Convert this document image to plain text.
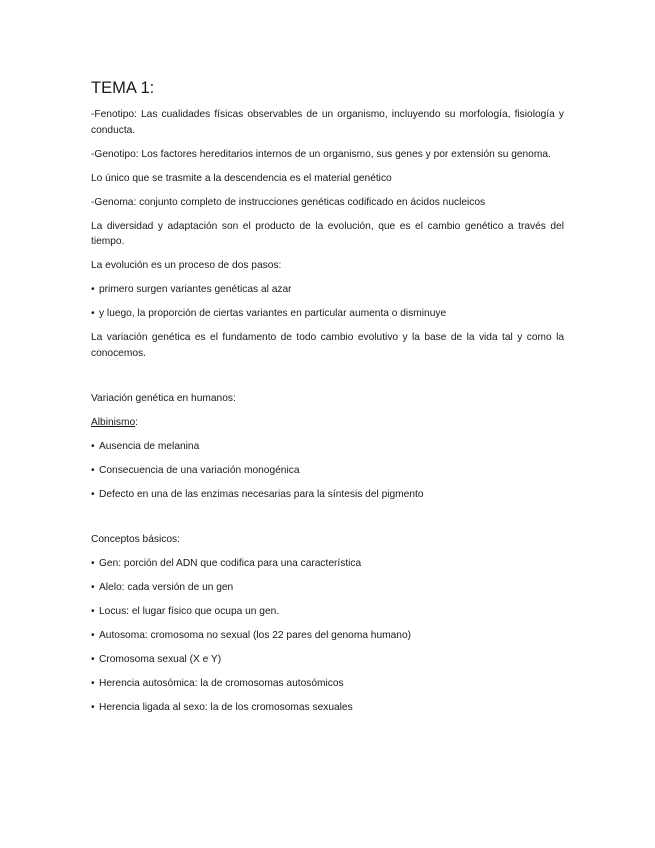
TEMA 1:

-Fenotipo: Las cualidades físicas observables de un organismo, incluyendo su morfología, fisiología y conducta.

-Genotipo: Los factores hereditarios internos de un organismo, sus genes y por extensión su genoma.

Lo único que se trasmite a la descendencia es el material genético

-Genoma: conjunto completo de instrucciones genéticas codificado en ácidos nucleicos

La diversidad y adaptación son el producto de la evolución, que es el cambio genético a través del tiempo.

La evolución es un proceso de dos pasos:

• primero surgen variantes genéticas al azar

• y luego, la proporción de ciertas variantes en particular aumenta o disminuye

La variación genética es el fundamento de todo cambio evolutivo y la base de la vida tal y como la conocemos.

Variación genética en humanos:

Albinismo:

• Ausencia de melanina

• Consecuencia de una variación monogénica

• Defecto en una de las enzimas necesarias para la síntesis del pigmento

Conceptos básicos:

• Gen: porción del ADN que codifica para una característica

• Alelo: cada versión de un gen

• Locus: el lugar físico que ocupa un gen.

• Autosoma: cromosoma no sexual (los 22 pares del genoma humano)

• Cromosoma sexual (X e Y)

• Herencia autosómica: la de cromosomas autosómicos

• Herencia ligada al sexo: la de los cromosomas sexuales
